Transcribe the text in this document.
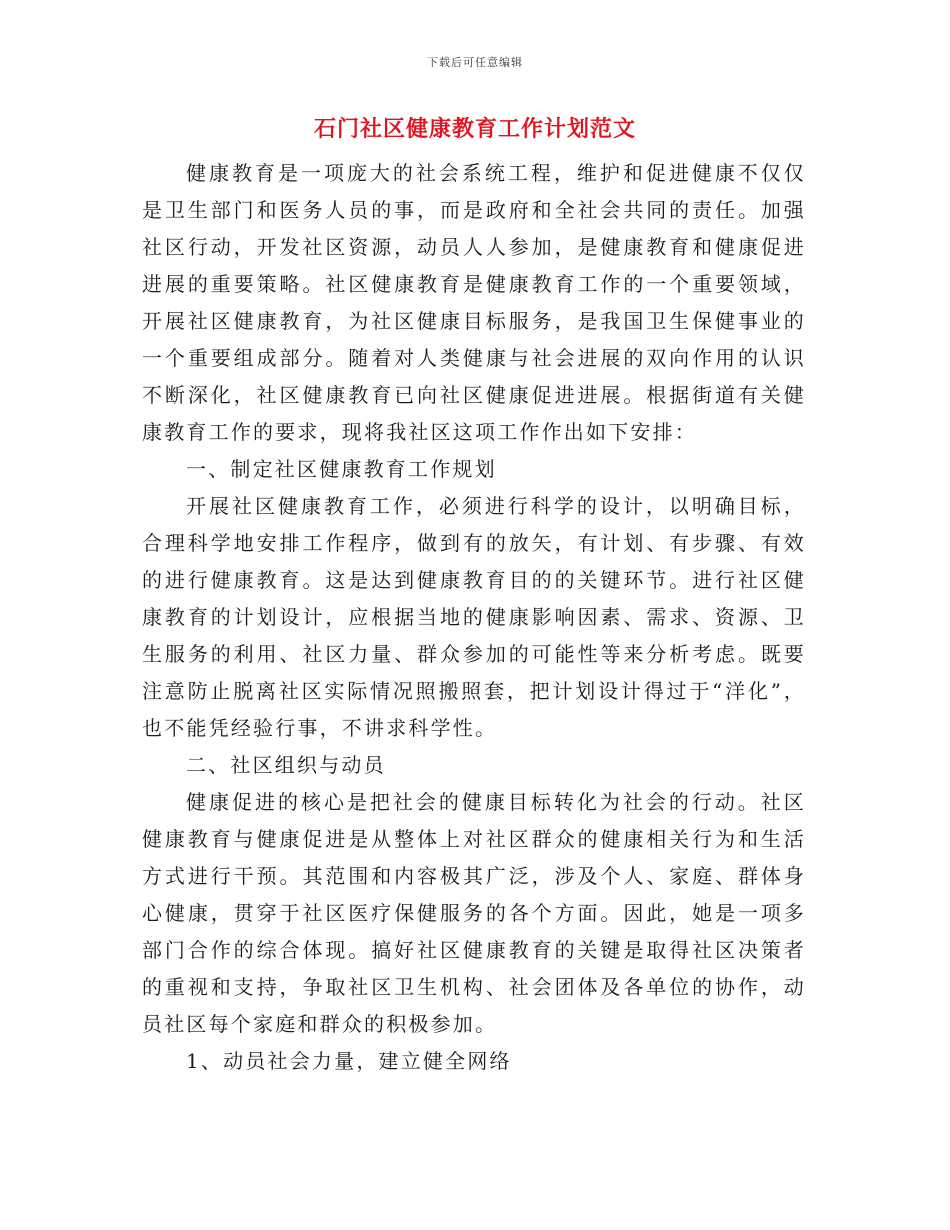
下载后可任意编辑
石门社区健康教育工作计划范文

健康教育是一项庞大的社会系统工程，维护和促进健康不仅仅是卫生部门和医务人员的事，而是政府和全社会共同的责任。加强社区行动，开发社区资源，动员人人参加，是健康教育和健康促进进展的重要策略。社区健康教育是健康教育工作的一个重要领域，开展社区健康教育，为社区健康目标服务，是我国卫生保健事业的一个重要组成部分。随着对人类健康与社会进展的双向作用的认识不断深化，社区健康教育已向社区健康促进进展。根据街道有关健康教育工作的要求，现将我社区这项工作作出如下安排：

一、制定社区健康教育工作规划

开展社区健康教育工作，必须进行科学的设计，以明确目标，合理科学地安排工作程序，做到有的放矢，有计划、有步骤、有效的进行健康教育。这是达到健康教育目的的关键环节。进行社区健康教育的计划设计，应根据当地的健康影响因素、需求、资源、卫生服务的利用、社区力量、群众参加的可能性等来分析考虑。既要注意防止脱离社区实际情况照搬照套，把计划设计得过于“洋化”，也不能凭经验行事，不讲求科学性。

二、社区组织与动员

健康促进的核心是把社会的健康目标转化为社会的行动。社区健康教育与健康促进是从整体上对社区群众的健康相关行为和生活方式进行干预。其范围和内容极其广泛，涉及个人、家庭、群体身心健康，贯穿于社区医疗保健服务的各个方面。因此，她是一项多部门合作的综合体现。搞好社区健康教育的关键是取得社区决策者的重视和支持，争取社区卫生机构、社会团体及各单位的协作，动员社区每个家庭和群众的积极参加。

1、动员社会力量，建立健全网络
